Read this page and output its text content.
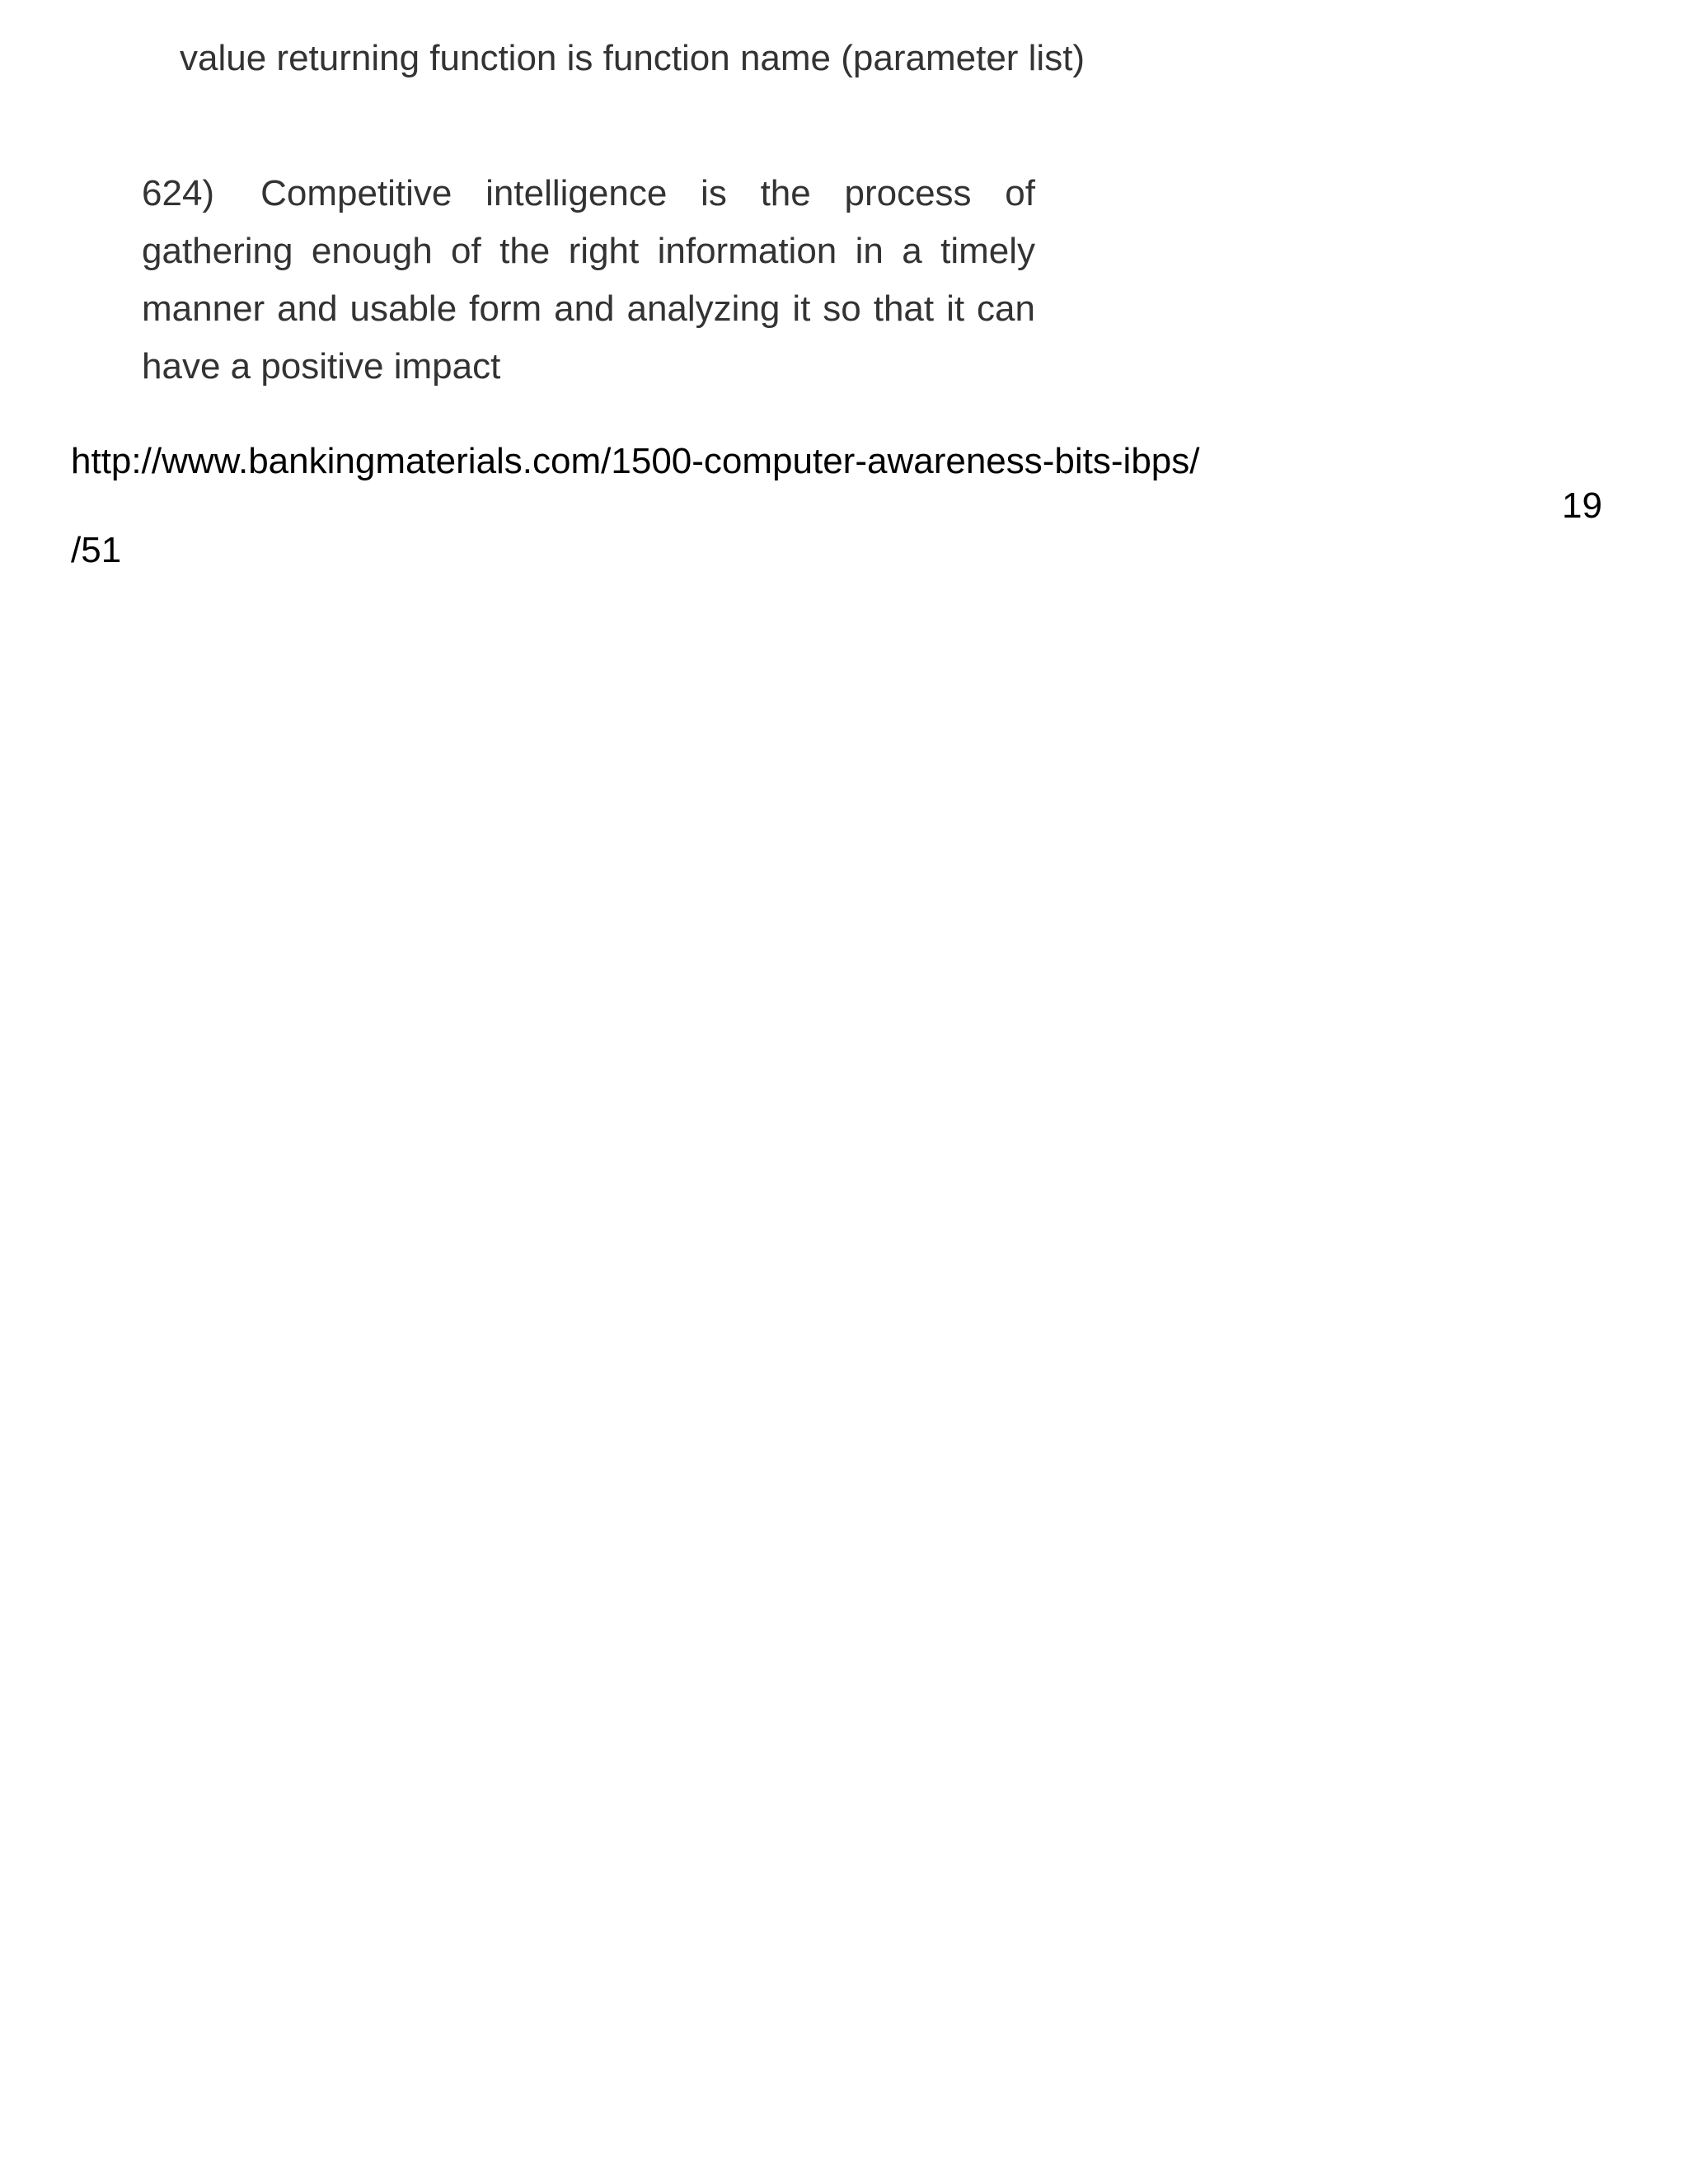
value returning function is function name (parameter list)

624) Competitive intelligence is the process of gathering enough of the right information in a timely manner and usable form and analyzing it so that it can have a positive impact

http://www.bankingmaterials.com/1500-computer-awareness-bits-ibps/
19
/51
